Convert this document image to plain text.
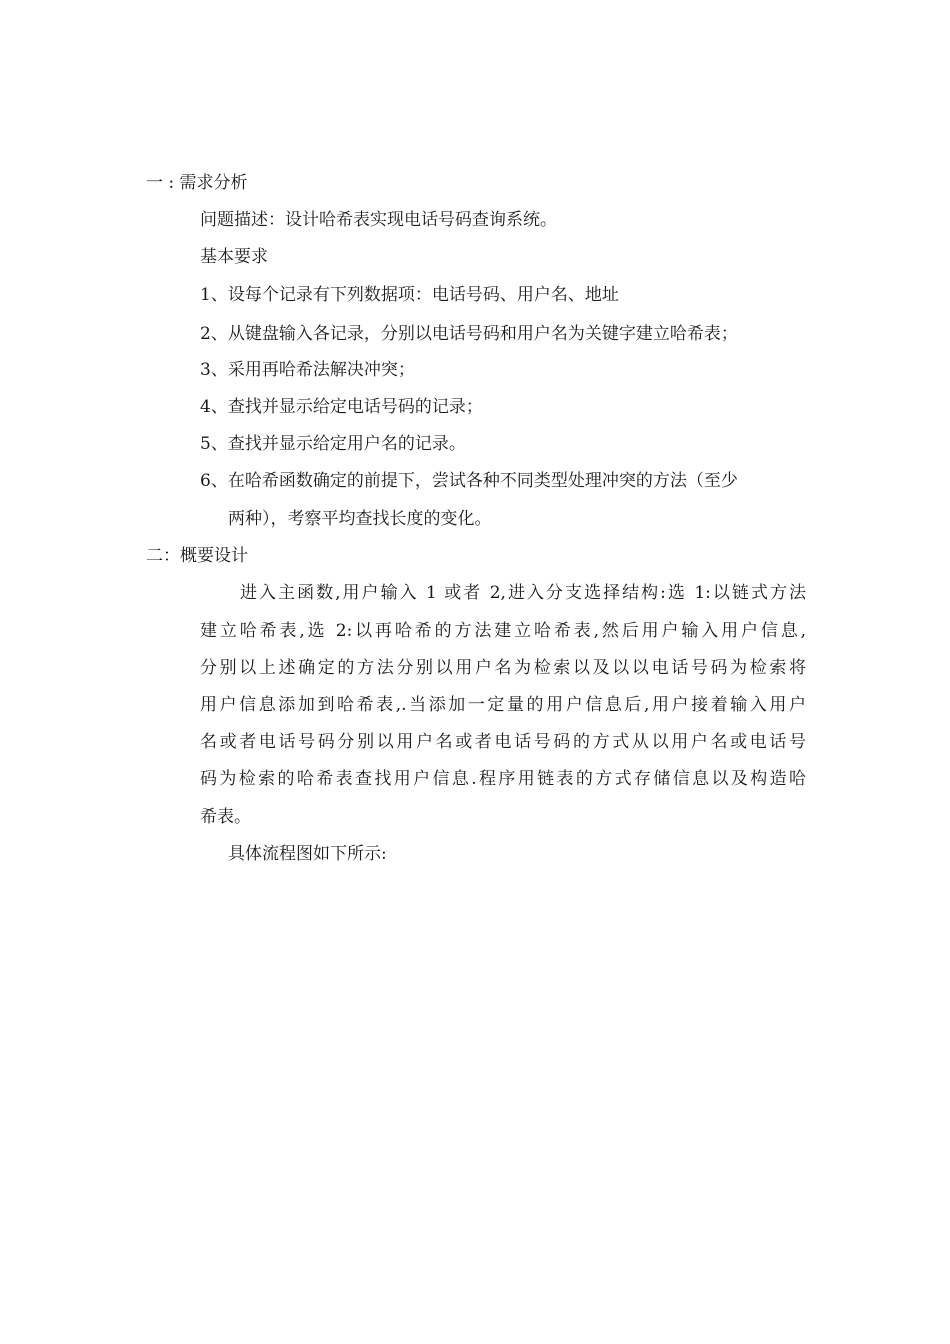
一 : 需求分析
问题描述：设计哈希表实现电话号码查询系统。
基本要求
1、设每个记录有下列数据项：电话号码、用户名、地址
2、从键盘输入各记录，分别以电话号码和用户名为关键字建立哈希表；
3、采用再哈希法解决冲突；
4、查找并显示给定电话号码的记录；
5、查找并显示给定用户名的记录。
6、在哈希函数确定的前提下，尝试各种不同类型处理冲突的方法（至少
两种），考察平均查找长度的变化。
二：概要设计
进入主函数,用户输入 1 或者 2,进入分支选择结构:选 1:以链式方法
建立哈希表,选 2:以再哈希的方法建立哈希表,然后用户输入用户信息,
分别以上述确定的方法分别以用户名为检索以及以以电话号码为检索将
用户信息添加到哈希表,.当添加一定量的用户信息后,用户接着输入用户
名或者电话号码分别以用户名或者电话号码的方式从以用户名或电话号
码为检索的哈希表查找用户信息.程序用链表的方式存储信息以及构造哈
希表。
具体流程图如下所示:
